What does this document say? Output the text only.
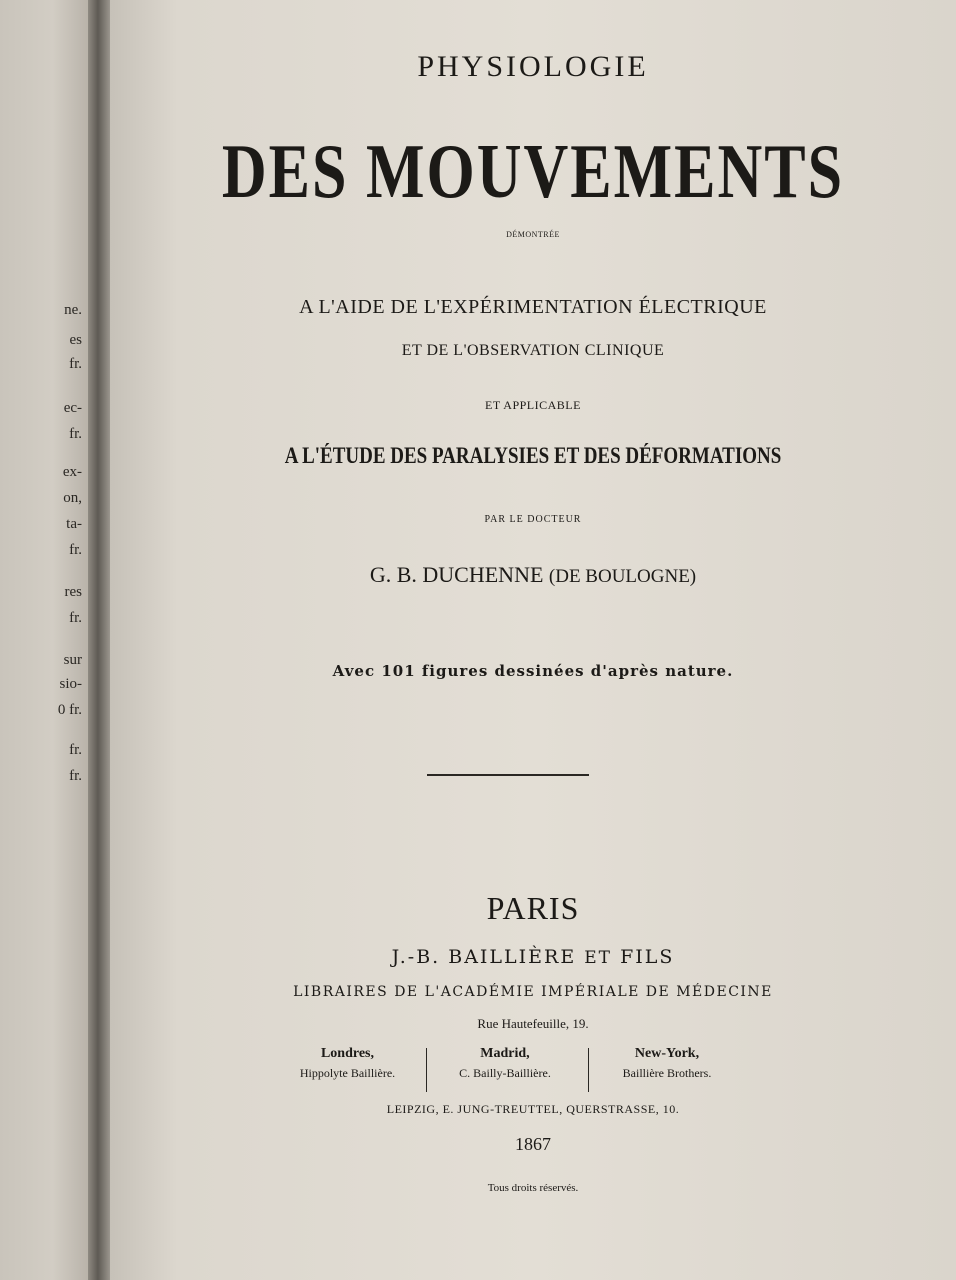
ne.
es
fr.
ec-
fr.
ex-
on,
ta-
fr.
res
fr.
sur
sio-
0 fr.
fr.
fr.
PHYSIOLOGIE
DES MOUVEMENTS
DÉMONTRÉE
A L'AIDE DE L'EXPÉRIMENTATION ÉLECTRIQUE
ET DE L'OBSERVATION CLINIQUE
ET APPLICABLE
A L'ÉTUDE DES PARALYSIES ET DES DÉFORMATIONS
PAR LE DOCTEUR
G. B. DUCHENNE (DE BOULOGNE)
Avec 101 figures dessinées d'après nature.
PARIS
J.-B. BAILLIÈRE ET FILS
LIBRAIRES DE L'ACADÉMIE IMPÉRIALE DE MÉDECINE
Rue Hautefeuille, 19.
Londres,
Hippolyte Baillière.
Madrid,
C. Bailly-Baillière.
New-York,
Baillière Brothers.
LEIPZIG, E. JUNG-TREUTTEL, QUERSTRASSE, 10.
1867
Tous droits réservés.
